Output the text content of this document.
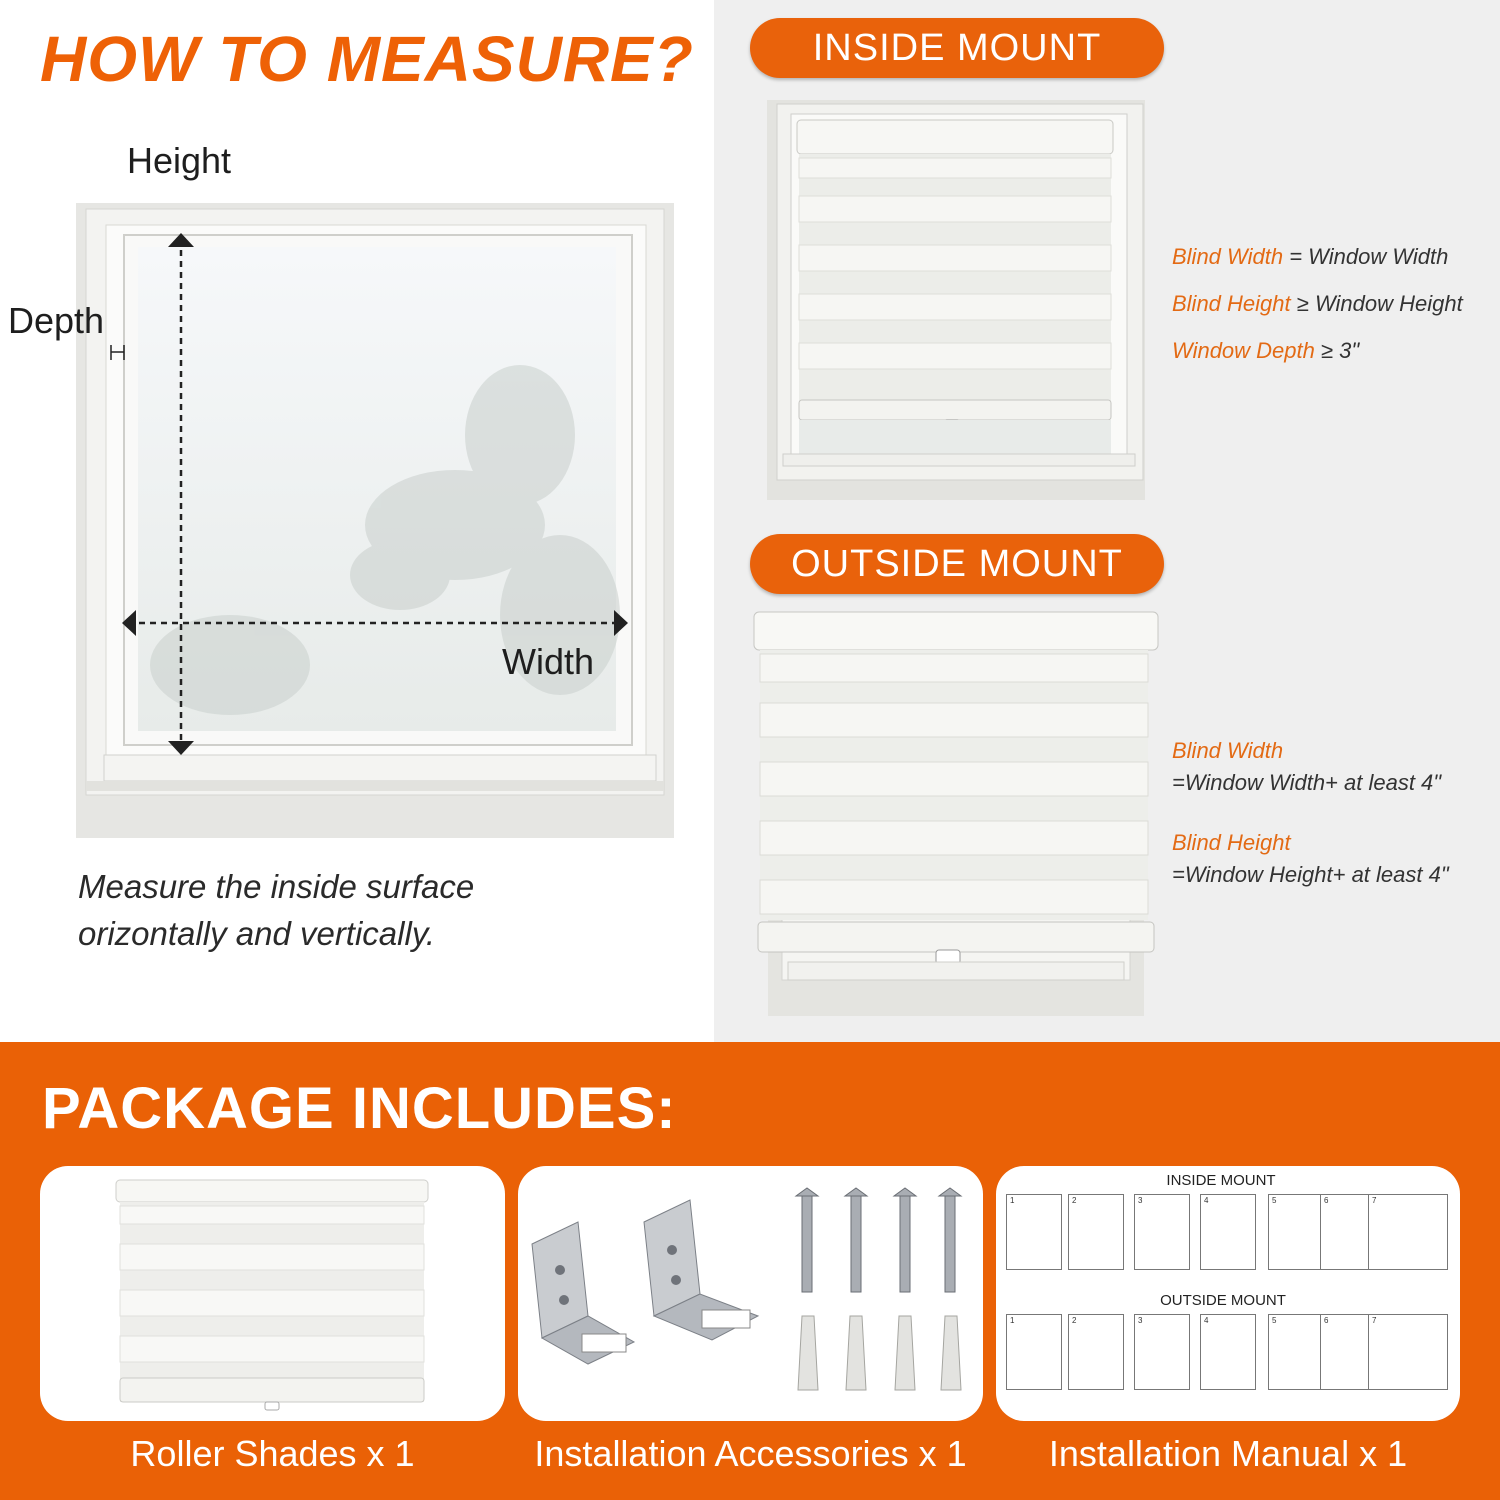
HOW TO MEASURE?
Height
Depth
Width
Measure the inside surface
orizontally and vertically.
INSIDE MOUNT
Blind Width = Window Width
Blind Height ≥ Window Height
Window Depth ≥ 3"
OUTSIDE MOUNT
Blind Width
=Window Width+ at least 4"
Blind Height
=Window Height+ at least 4"
PACKAGE INCLUDES:
INSIDE MOUNT
1	2	3	4	5	6	7
OUTSIDE MOUNT
1	2	3	4	5	6	7
Roller Shades x 1	Installation Accessories x 1	Installation Manual x 1
